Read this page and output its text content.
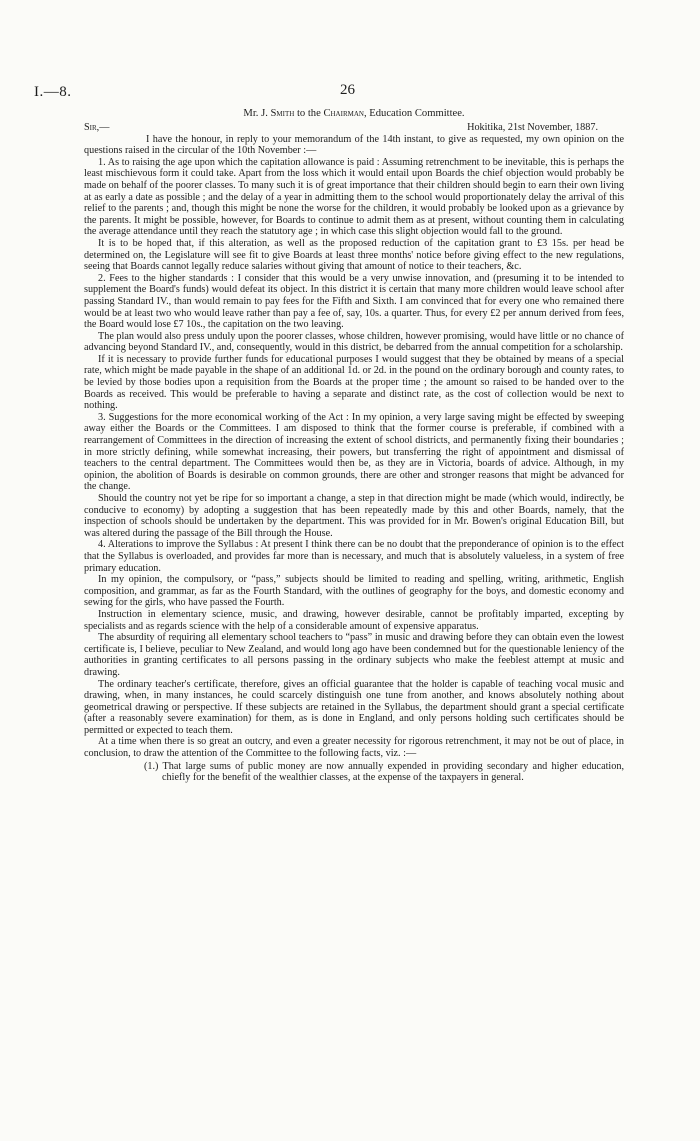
I.—8.	26

Mr. J. Smith to the Chairman, Education Committee.

Sir,—	Hokitika, 21st November, 1887.

I have the honour, in reply to your memorandum of the 14th instant, to give as requested, my own opinion on the questions raised in the circular of the 10th November :—

1. As to raising the age upon which the capitation allowance is paid : Assuming retrenchment to be inevitable, this is perhaps the least mischievous form it could take. Apart from the loss which it would entail upon Boards the chief objection would probably be made on behalf of the poorer classes. To many such it is of great importance that their children should begin to earn their own living at as early a date as possible ; and the delay of a year in admitting them to the school would proportionately delay the arrival of this relief to the parents ; and, though this might be none the worse for the children, it would probably be looked upon as a grievance by the parents. It might be possible, however, for Boards to continue to admit them as at present, without counting them in calculating the average attendance until they reach the statutory age ; in which case this slight objection would fall to the ground.

It is to be hoped that, if this alteration, as well as the proposed reduction of the capitation grant to £3 15s. per head be determined on, the Legislature will see fit to give Boards at least three months' notice before giving effect to the new regulations, seeing that Boards cannot legally reduce salaries without giving that amount of notice to their teachers, &c.

2. Fees to the higher standards : I consider that this would be a very unwise innovation, and (presuming it to be intended to supplement the Board's funds) would defeat its object. In this district it is certain that many more children would leave school after passing Standard IV., than would remain to pay fees for the Fifth and Sixth. I am convinced that for every one who remained there would be at least two who would leave rather than pay a fee of, say, 10s. a quarter. Thus, for every £2 per annum derived from fees, the Board would lose £7 10s., the capitation on the two leaving.

The plan would also press unduly upon the poorer classes, whose children, however promising, would have little or no chance of advancing beyond Standard IV., and, consequently, would in this district, be debarred from the annual competition for a scholarship.

If it is necessary to provide further funds for educational purposes I would suggest that they be obtained by means of a special rate, which might be made payable in the shape of an additional 1d. or 2d. in the pound on the ordinary borough and county rates, to be levied by those bodies upon a requisition from the Boards at the proper time ; the amount so raised to be handed over to the Boards as received. This would be preferable to having a separate and distinct rate, as the cost of collection would be next to nothing.

3. Suggestions for the more economical working of the Act : In my opinion, a very large saving might be effected by sweeping away either the Boards or the Committees. I am disposed to think that the former course is preferable, if combined with a rearrangement of Committees in the direction of increasing the extent of school districts, and permanently fixing their boundaries ; in more strictly defining, while somewhat increasing, their powers, but transferring the right of appointment and dismissal of teachers to the central department. The Committees would then be, as they are in Victoria, boards of advice. Although, in my opinion, the abolition of Boards is desirable on common grounds, there are other and stronger reasons that might be advanced for the change.

Should the country not yet be ripe for so important a change, a step in that direction might be made (which would, indirectly, be conducive to economy) by adopting a suggestion that has been repeatedly made by this and other Boards, namely, that the inspection of schools should be undertaken by the department. This was provided for in Mr. Bowen's original Education Bill, but was altered during the passage of the Bill through the House.

4. Alterations to improve the Syllabus : At present I think there can be no doubt that the preponderance of opinion is to the effect that the Syllabus is overloaded, and provides far more than is necessary, and much that is absolutely valueless, in a system of free primary education.

In my opinion, the compulsory, or “pass,” subjects should be limited to reading and spelling, writing, arithmetic, English composition, and grammar, as far as the Fourth Standard, with the outlines of geography for the boys, and domestic economy and sewing for the girls, who have passed the Fourth.

Instruction in elementary science, music, and drawing, however desirable, cannot be profitably imparted, excepting by specialists and as regards science with the help of a considerable amount of expensive apparatus.

The absurdity of requiring all elementary school teachers to “pass” in music and drawing before they can obtain even the lowest certificate is, I believe, peculiar to New Zealand, and would long ago have been condemned but for the questionable leniency of the authorities in granting certificates to all persons passing in the ordinary subjects who make the feeblest attempt at music and drawing.

The ordinary teacher's certificate, therefore, gives an official guarantee that the holder is capable of teaching vocal music and drawing, when, in many instances, he could scarcely distinguish one tune from another, and knows absolutely nothing about geometrical drawing or perspective. If these subjects are retained in the Syllabus, the department should grant a special certificate (after a reasonably severe examination) for them, as is done in England, and only persons holding such certificates should be permitted or expected to teach them.

At a time when there is so great an outcry, and even a greater necessity for rigorous retrenchment, it may not be out of place, in conclusion, to draw the attention of the Committee to the following facts, viz. :—

(1.) That large sums of public money are now annually expended in providing secondary and higher education, chiefly for the benefit of the wealthier classes, at the expense of the taxpayers in general.
